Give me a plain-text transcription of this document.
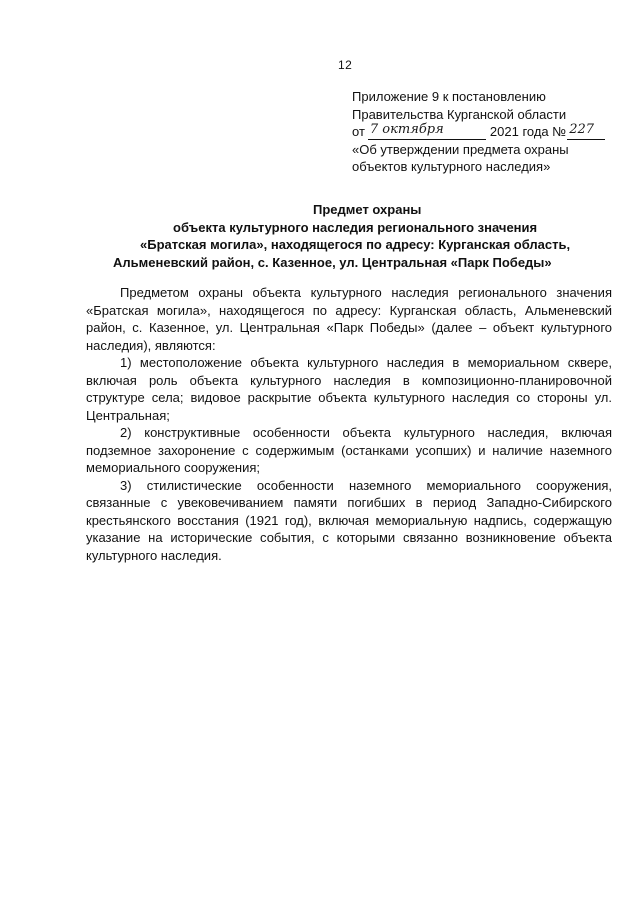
12
Приложение 9 к постановлению
Правительства Курганской области
от 7 октября	2021 года № 227
«Об утверждении предмета охраны
объектов культурного наследия»
Предмет охраны
объекта культурного наследия регионального значения
«Братская могила», находящегося по адресу: Курганская область,
Альменевский район, с. Казенное, ул. Центральная «Парк Победы»

Предметом охраны объекта культурного наследия регионального значения «Братская могила», находящегося по адресу: Курганская область, Альменевский район, с. Казенное, ул. Центральная «Парк Победы» (далее – объект культурного наследия), являются:

1) местоположение объекта культурного наследия в мемориальном сквере, включая роль объекта культурного наследия в композиционно-планировочной структуре села; видовое раскрытие объекта культурного наследия со стороны ул. Центральная;

2) конструктивные особенности объекта культурного наследия, включая подземное захоронение с содержимым (останками усопших) и наличие наземного мемориального сооружения;

3) стилистические особенности наземного мемориального сооружения, связанные с увековечиванием памяти погибших в период Западно-Сибирского крестьянского восстания (1921 год), включая мемориальную надпись, содержащую указание на исторические события, с которыми связанно возникновение объекта культурного наследия.
